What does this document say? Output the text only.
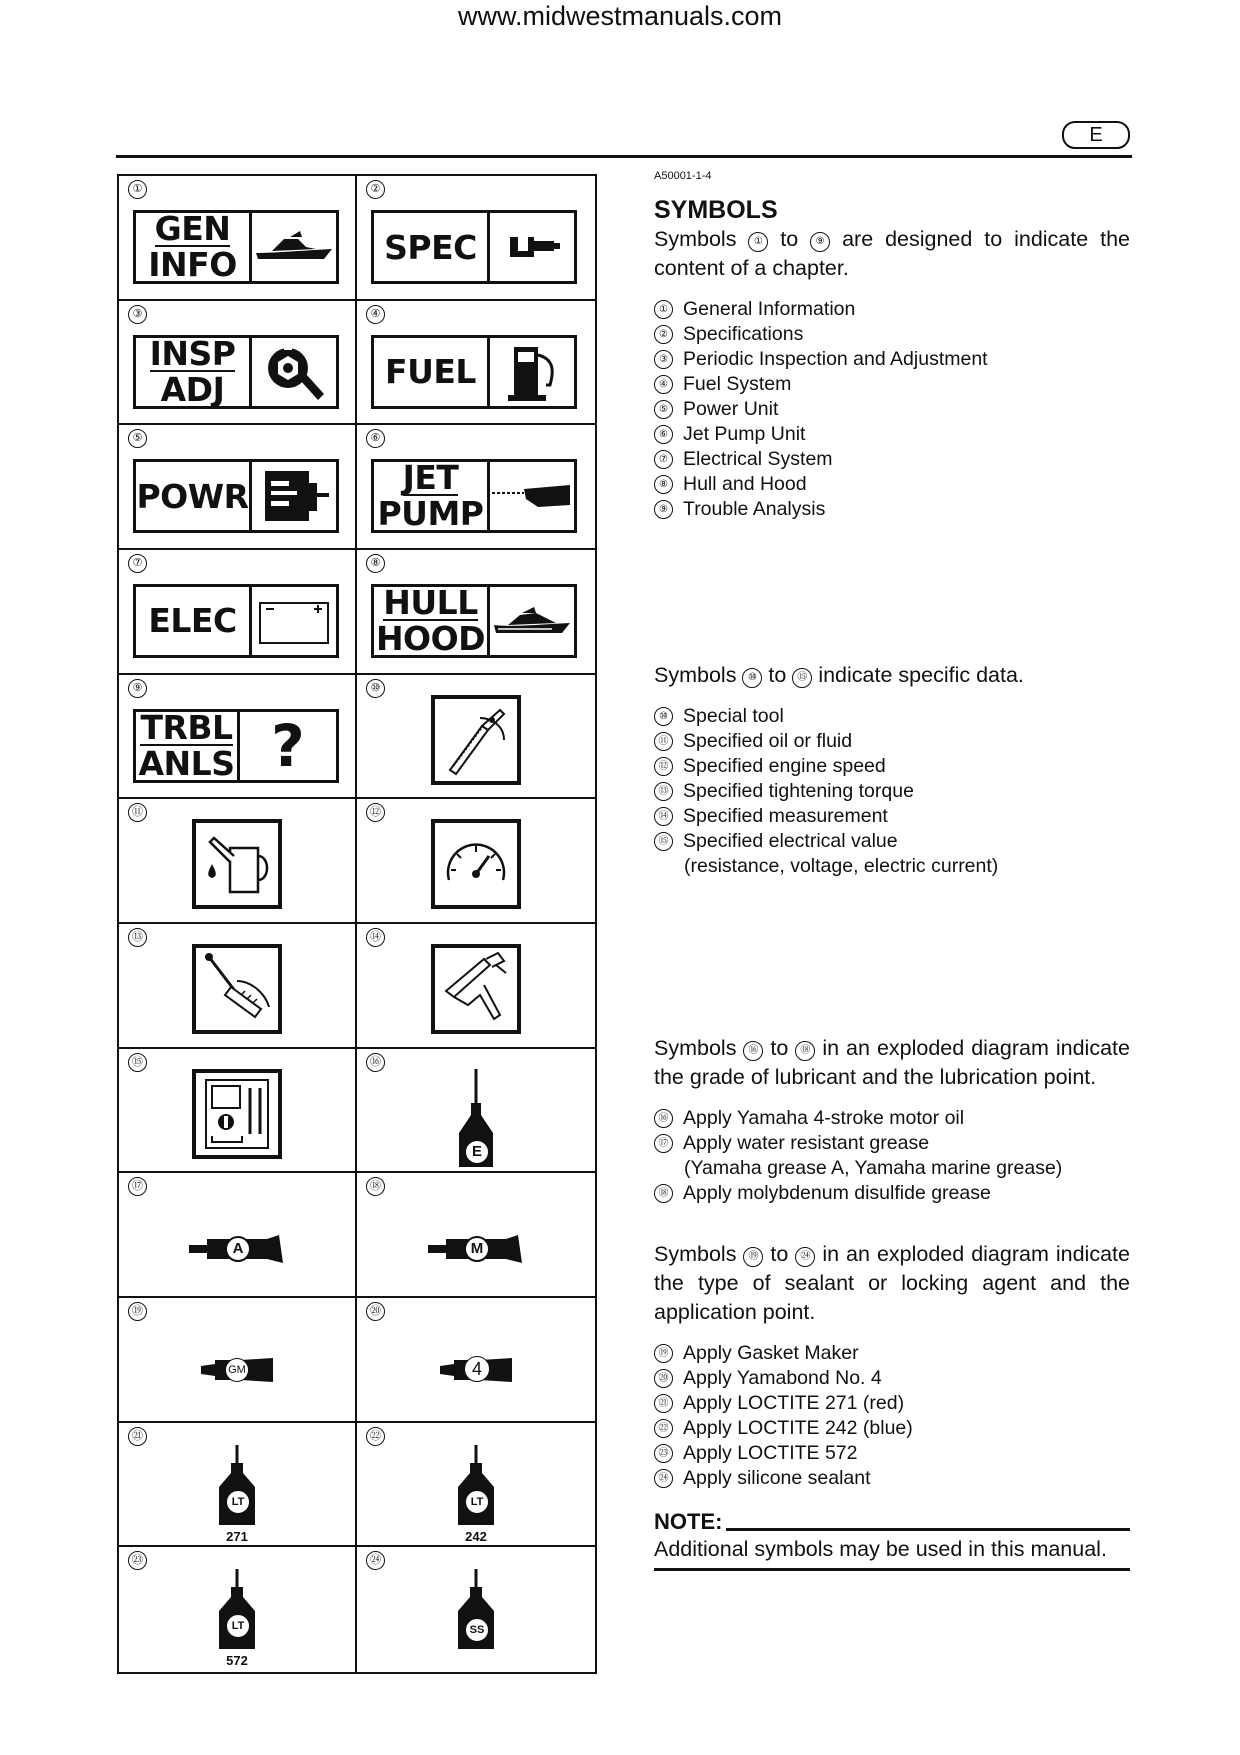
www.midwestmanuals.com
E
①
GEN
INFO
②
SPEC
③
INSP
ADJ
④
FUEL
⑤
POWR
⑥
JET
PUMP
⑦
ELEC
⑧
HULL
HOOD
⑨
TRBL
ANLS ?
⑩
⑪	⑫
⑬	⑭
⑮	⑯
E
⑰
A
⑱
M
⑲
GM
⑳
4
㉑
LT
271
㉒
LT
242
㉓
LT
572
㉔
SS
A50001-1-4
SYMBOLS
Symbols ① to ⑨ are designed to indicate the content of a chapter.
① General Information
② Specifications
③ Periodic Inspection and Adjustment
④ Fuel System
⑤ Power Unit
⑥ Jet Pump Unit
⑦ Electrical System
⑧ Hull and Hood
⑨ Trouble Analysis
Symbols ⑩ to ⑮ indicate specific data.
⑩ Special tool
⑪ Specified oil or fluid
⑫ Specified engine speed
⑬ Specified tightening torque
⑭ Specified measurement
⑮ Specified electrical value
(resistance, voltage, electric current)
Symbols ⑯ to ⑱ in an exploded diagram indicate the grade of lubricant and the lubrication point.
⑯ Apply Yamaha 4-stroke motor oil
⑰ Apply water resistant grease
(Yamaha grease A, Yamaha marine grease)
⑱ Apply molybdenum disulfide grease
Symbols ⑲ to ㉔ in an exploded diagram indicate the type of sealant or locking agent and the application point.
⑲ Apply Gasket Maker
⑳ Apply Yamabond No. 4
㉑ Apply LOCTITE 271 (red)
㉒ Apply LOCTITE 242 (blue)
㉓ Apply LOCTITE 572
㉔ Apply silicone sealant
NOTE:
Additional symbols may be used in this manual.
